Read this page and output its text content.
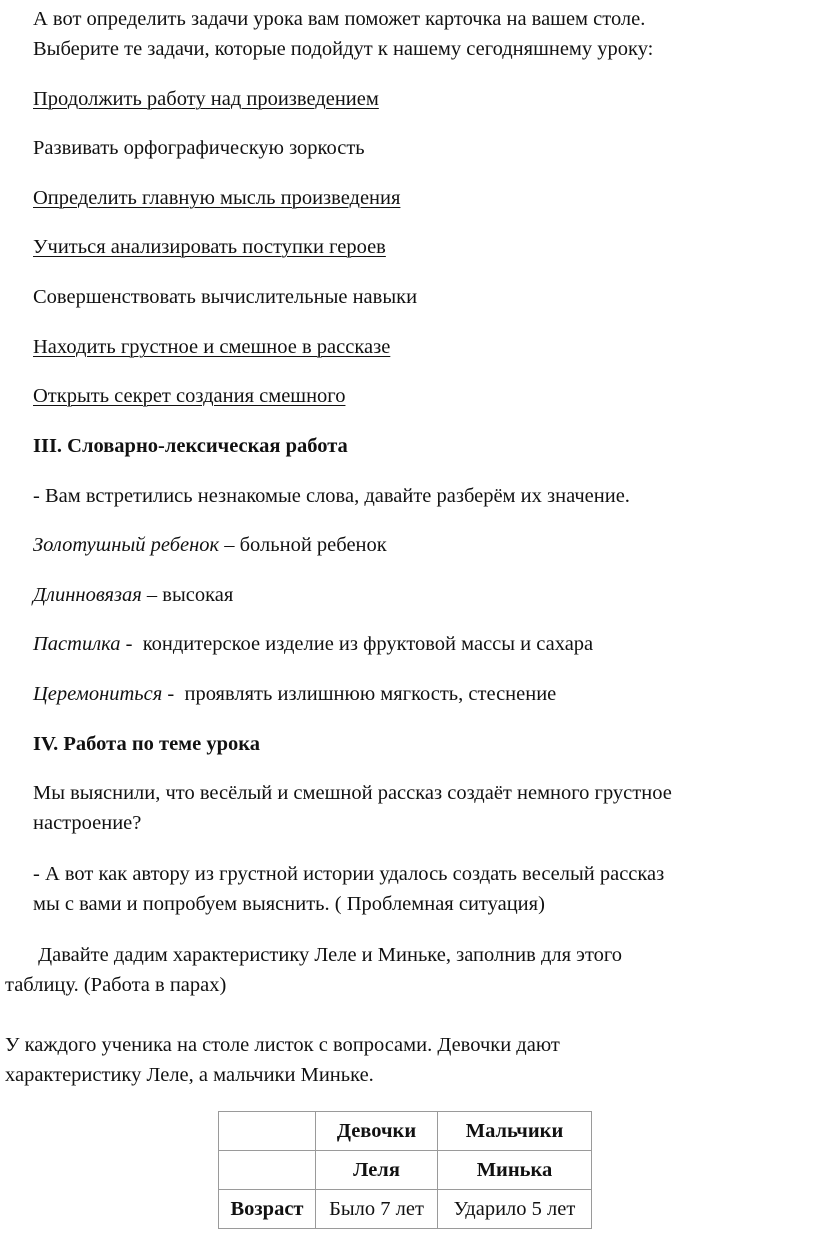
А вот определить задачи урока вам поможет карточка на вашем столе.

Выберите те задачи, которые подойдут к нашему сегодняшнему уроку:

Продолжить работу над произведением

Развивать орфографическую зоркость

Определить главную мысль произведения

Учиться анализировать поступки героев

Совершенствовать вычислительные навыки

Находить грустное и смешное в рассказе

Открыть секрет создания смешного

III. Словарно-лексическая работа

- Вам встретились незнакомые слова, давайте разберём их значение.

Золотушный ребенок – больной ребенок

Длинновязая – высокая

Пастилка -  кондитерское изделие из фруктовой массы и сахара

Церемониться -  проявлять излишнюю мягкость, стеснение

IV. Работа по теме урока

Мы выяснили, что весёлый и смешной рассказ создаёт немного грустное

настроение?

- А вот как автору из грустной истории удалось создать веселый рассказ

мы с вами и попробуем выяснить. ( Проблемная ситуация)

Давайте дадим характеристику Леле и Миньке, заполнив для этого

таблицу. (Работа в парах)

У каждого ученика на столе листок с вопросами. Девочки дают

характеристику Леле, а мальчики Миньке.

	Девочки	Мальчики
	Леля	Минька
Возраст	Было 7 лет	Ударило 5 лет
